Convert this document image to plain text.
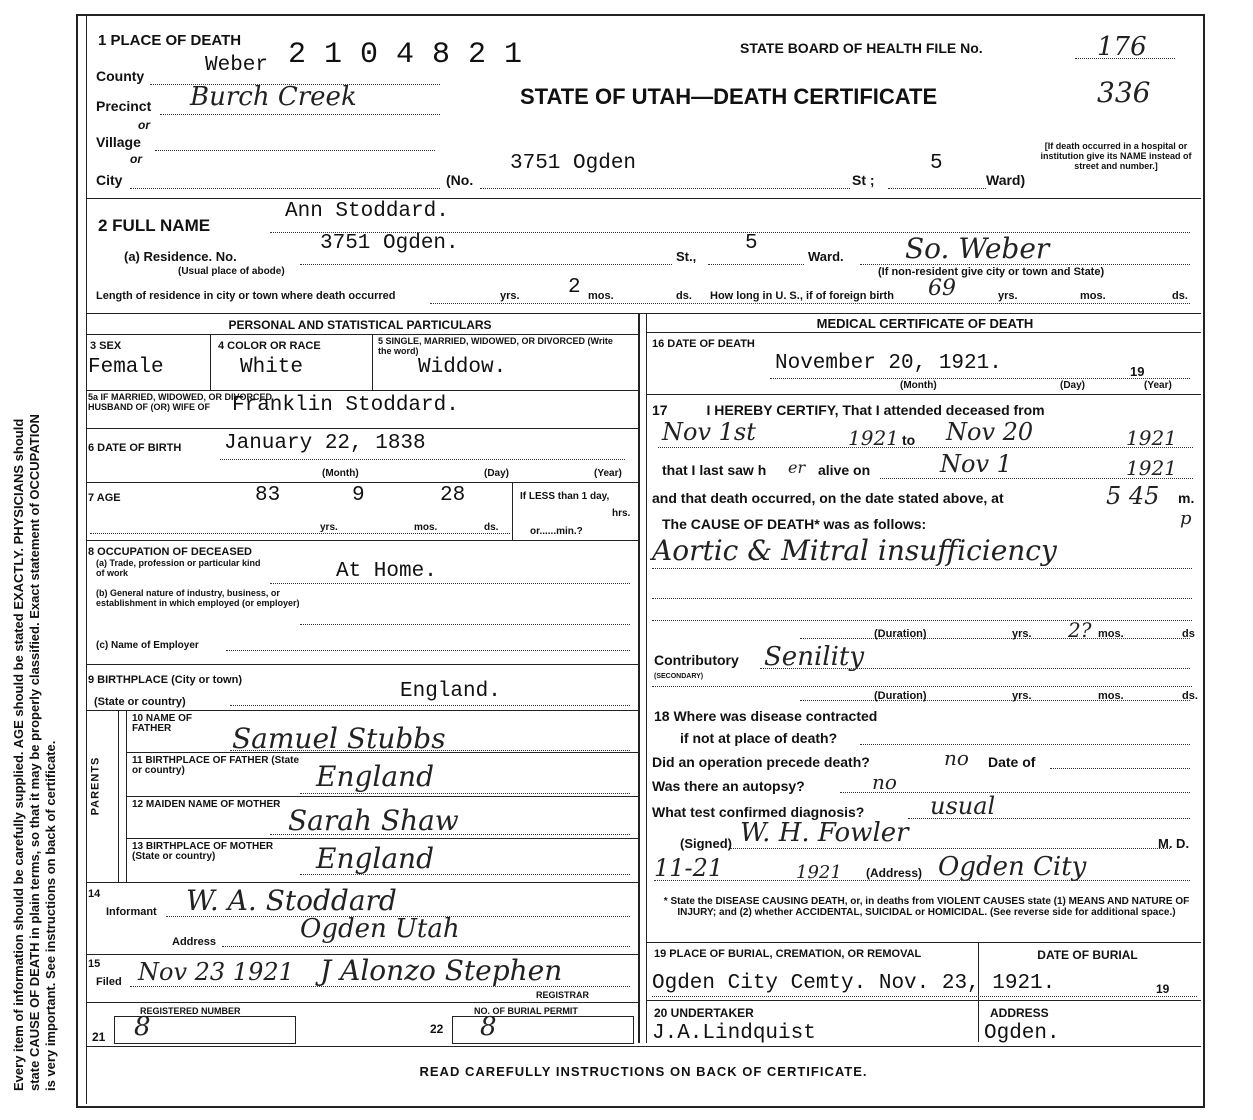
Every item of information should be carefully supplied. AGE should be stated EXACTLY. PHYSICIANS should state CAUSE OF DEATH in plain terms, so that it may be properly classified. Exact statement of OCCUPATION is very important. See instructions on back of certificate.
1 PLACE OF DEATH 2 1 0 4 8 2 1	STATE BOARD OF HEALTH FILE No.	176
336
County	Weber
Precinct Burch Creek	STATE OF UTAH—DEATH CERTIFICATE
or
Village
or
City	(No.
3751 Ogden
St ;
5
Ward)
[If death occurred in a hospital or institution give its NAME instead of street and number.]
2 FULL NAME
Ann Stoddard.
(a) Residence. No.
3751 Ogden.
(Usual place of abode)
St.,
5
Ward. So. Weber
(If non-resident give city or town and State)
Length of residence in city or town where death occurred	yrs. 2 mos.	ds. How long in U. S., if of foreign birth 69	yrs.	mos.	ds.
PERSONAL AND STATISTICAL PARTICULARS
3 SEX
Female
4 COLOR OR RACE
White
5 SINGLE, MARRIED, WIDOWED, OR DIVORCED (Write the word)
Widdow.
5a IF MARRIED, WIDOWED, OR DIVORCED HUSBAND OF (OR) WIFE OF	Franklin Stoddard.
6 DATE OF BIRTH January 22, 1838
(Month)	(Day)	(Year)
7 AGE	83	9	28
yrs.	mos.	ds.
If LESS than 1 day,
hrs.
or......min.?
8 OCCUPATION OF DECEASED
(a) Trade, profession or particular kind of work	At Home.
(b) General nature of industry, business, or establishment in which employed (or employer)
(c) Name of Employer
9 BIRTHPLACE (City or town)
(State or country)	England.
PARENTS
10 NAME OF FATHER	Samuel Stubbs
11 BIRTHPLACE OF FATHER (State or country)	England
12 MAIDEN NAME OF MOTHER Sarah Shaw
13 BIRTHPLACE OF MOTHER (State or country)	England
14
Informant W. A. Stoddard
Address	Ogden Utah
15
Filed Nov 23 1921 J Alonzo Stephen
REGISTRAR
REGISTERED NUMBER
21 8
NO. OF BURIAL PERMIT
22 8
MEDICAL CERTIFICATE OF DEATH
16 DATE OF DEATH
November 20, 1921.	19
(Month)	(Day)	(Year)
17          I HEREBY CERTIFY, That I attended deceased from
Nov 1st	1921 to Nov 20	1921
that I last saw h er alive on	Nov 1	1921
and that death occurred, on the date stated above, at	5 45 m.
p
The CAUSE OF DEATH* was as follows:
Aortic & Mitral insufficiency
(Duration)	yrs. 2? mos.	ds
Contributory
(SECONDARY)
Senility
(Duration)	yrs.	mos.	ds.
18 Where was disease contracted
if not at place of death?
Did an operation precede death?	no Date of
Was there an autopsy?	no
What test confirmed diagnosis?	usual
(Signed) W. H. Fowler	M. D.
11-21	1921 (Address) Ogden City
* State the DISEASE CAUSING DEATH, or, in deaths from VIOLENT CAUSES state (1) MEANS AND NATURE OF INJURY; and (2) whether ACCIDENTAL, SUICIDAL or HOMICIDAL. (See reverse side for additional space.)
19 PLACE OF BURIAL, CREMATION, OR REMOVAL	DATE OF BURIAL
Ogden City Cemty. Nov. 23, 1921.	19
20 UNDERTAKER
J.A.Lindquist
ADDRESS
Ogden.
READ CAREFULLY INSTRUCTIONS ON BACK OF CERTIFICATE.
